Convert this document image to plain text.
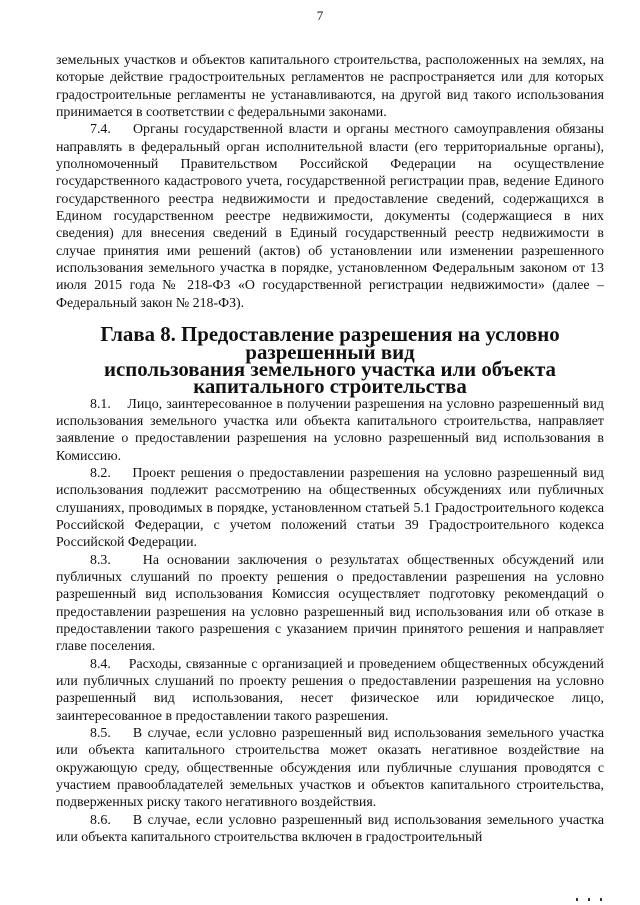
7

земельных участков и объектов капитального строительства, расположенных на землях, на которые действие градостроительных регламентов не распространяется или для которых градостроительные регламенты не устанавливаются, на другой вид такого использования принимается в соответствии с федеральными законами.

7.4.    Органы государственной власти и органы местного самоуправления обязаны направлять в федеральный орган исполнительной власти (его территориальные органы), уполномоченный Правительством Российской Федерации на осуществление государственного кадастрового учета, государственной регистрации прав, ведение Единого государственного реестра недвижимости и предоставление сведений, содержащихся в Едином государственном реестре недвижимости, документы (содержащиеся в них сведения) для внесения сведений в Единый государственный реестр недвижимости в случае принятия ими решений (актов) об установлении или изменении разрешенного использования земельного участка в порядке, установленном Федеральным законом от 13 июля 2015 года № 218-ФЗ «О государственной регистрации недвижимости» (далее – Федеральный закон № 218-ФЗ).

Глава 8. Предоставление разрешения на условно разрешенный вид
использования земельного участка или объекта капитального строительства

8.1.    Лицо, заинтересованное в получении разрешения на условно разрешенный вид использования земельного участка или объекта капитального строительства, направляет заявление о предоставлении разрешения на условно разрешенный вид использования в Комиссию.

8.2.    Проект решения о предоставлении разрешения на условно разрешенный вид использования подлежит рассмотрению на общественных обсуждениях или публичных слушаниях, проводимых в порядке, установленном статьей 5.1 Градостроительного кодекса Российской Федерации, с учетом положений статьи 39 Градостроительного кодекса Российской Федерации.

8.3.    На основании заключения о результатах общественных обсуждений или публичных слушаний по проекту решения о предоставлении разрешения на условно разрешенный вид использования Комиссия осуществляет подготовку рекомендаций о предоставлении разрешения на условно разрешенный вид использования или об отказе в предоставлении такого разрешения с указанием причин принятого решения и направляет главе поселения.

8.4.    Расходы, связанные с организацией и проведением общественных обсуждений или публичных слушаний по проекту решения о предоставлении разрешения на условно разрешенный вид использования, несет физическое или юридическое лицо, заинтересованное в предоставлении такого разрешения.

8.5.    В случае, если условно разрешенный вид использования земельного участка или объекта капитального строительства может оказать негативное воздействие на окружающую среду, общественные обсуждения или публичные слушания проводятся с участием правообладателей земельных участков и объектов капитального строительства, подверженных риску такого негативного воздействия.

8.6.    В случае, если условно разрешенный вид использования земельного участка или объекта капитального строительства включен в градостроительный
